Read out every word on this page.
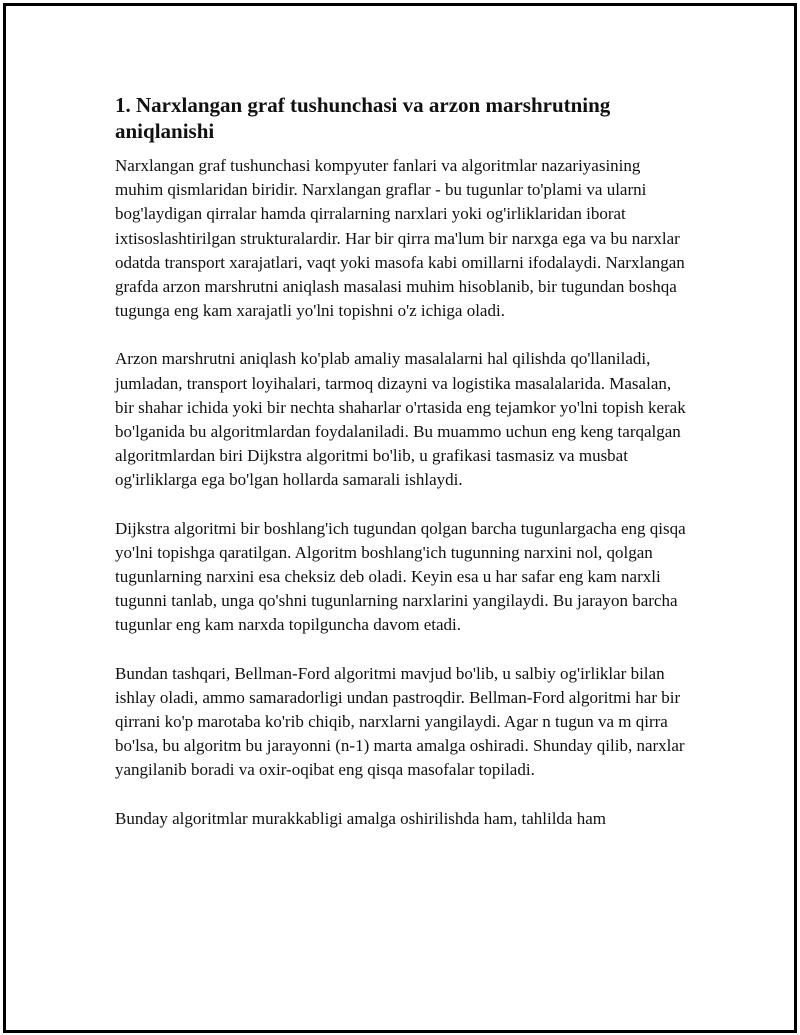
1. Narxlangan graf tushunchasi va arzon marshrutning aniqlanishi

Narxlangan graf tushunchasi kompyuter fanlari va algoritmlar nazariyasining muhim qismlaridan biridir. Narxlangan graflar - bu tugunlar to'plami va ularni bog'laydigan qirralar hamda qirralarning narxlari yoki og'irliklaridan iborat ixtisoslashtirilgan strukturalardir. Har bir qirra ma'lum bir narxga ega va bu narxlar odatda transport xarajatlari, vaqt yoki masofa kabi omillarni ifodalaydi. Narxlangan grafda arzon marshrutni aniqlash masalasi muhim hisoblanib, bir tugundan boshqa tugunga eng kam xarajatli yo'lni topishni o'z ichiga oladi.

Arzon marshrutni aniqlash ko'plab amaliy masalalarni hal qilishda qo'llaniladi, jumladan, transport loyihalari, tarmoq dizayni va logistika masalalarida. Masalan, bir shahar ichida yoki bir nechta shaharlar o'rtasida eng tejamkor yo'lni topish kerak bo'lganida bu algoritmlardan foydalaniladi. Bu muammo uchun eng keng tarqalgan algoritmlardan biri Dijkstra algoritmi bo'lib, u grafikasi tasmasiz va musbat og'irliklarga ega bo'lgan hollarda samarali ishlaydi.

Dijkstra algoritmi bir boshlang'ich tugundan qolgan barcha tugunlargacha eng qisqa yo'lni topishga qaratilgan. Algoritm boshlang'ich tugunning narxini nol, qolgan tugunlarning narxini esa cheksiz deb oladi. Keyin esa u har safar eng kam narxli tugunni tanlab, unga qo'shni tugunlarning narxlarini yangilaydi. Bu jarayon barcha tugunlar eng kam narxda topilguncha davom etadi.

Bundan tashqari, Bellman-Ford algoritmi mavjud bo'lib, u salbiy og'irliklar bilan ishlay oladi, ammo samaradorligi undan pastroqdir. Bellman-Ford algoritmi har bir qirrani ko'p marotaba ko'rib chiqib, narxlarni yangilaydi. Agar n tugun va m qirra bo'lsa, bu algoritm bu jarayonni (n-1) marta amalga oshiradi. Shunday qilib, narxlar yangilanib boradi va oxir-oqibat eng qisqa masofalar topiladi.

Bunday algoritmlar murakkabligi amalga oshirilishda ham, tahlilda ham
